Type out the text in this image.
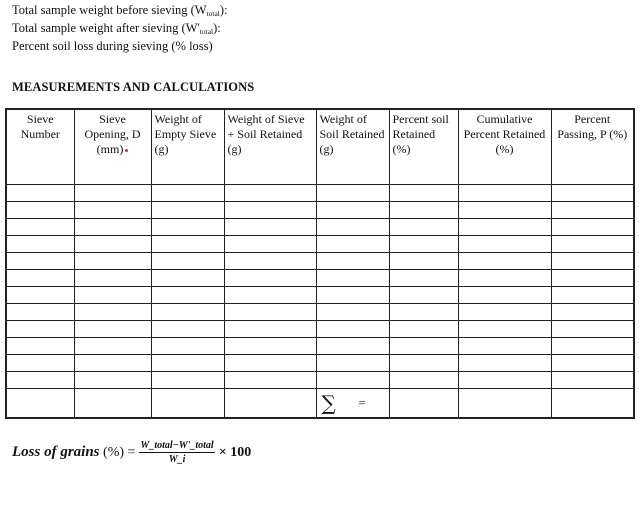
Total sample weight before sieving $(W_{total})$:
Total sample weight after sieving $(W'_{total})$:
Percent soil loss during sieving (% loss)
MEASUREMENTS AND CALCULATIONS
Sieve Number	Sieve Opening, D (mm)	Weight of Empty Sieve (g)	Weight of Sieve + Soil Retained (g)	Weight of Soil Retained (g)	Percent soil Retained (%)	Cumulative Percent Retained (%)	Percent Passing, P (%)

				∑ =			

Loss of grains
(%) = $\frac{\text{W\_total−W'\_total}}{W\_i} \times 100$
